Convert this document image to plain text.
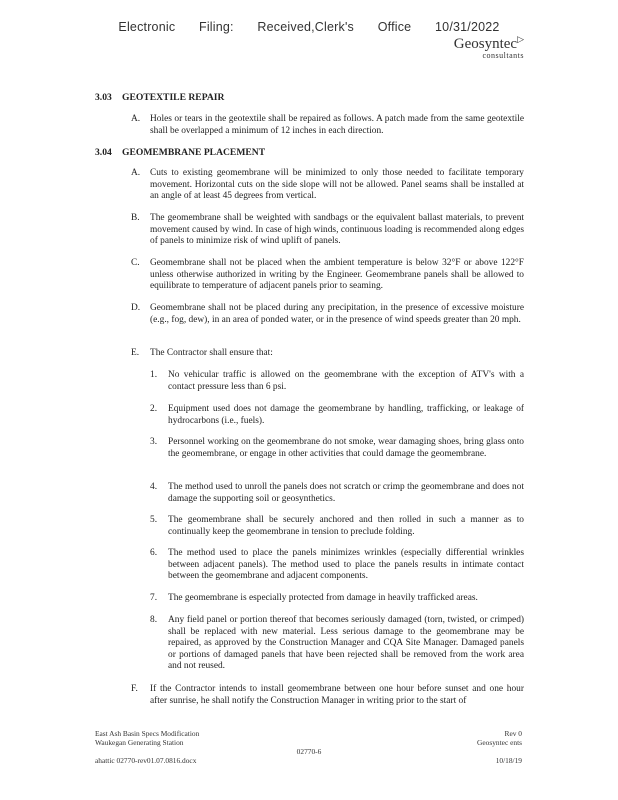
Electronic Filing: Received,Clerk's Office 10/31/2022
Geosyntec▷
consultants
3.03 GEOTEXTILE REPAIR
A. Holes or tears in the geotextile shall be repaired as follows. A patch made from the same geotextile shall be overlapped a minimum of 12 inches in each direction.
3.04 GEOMEMBRANE PLACEMENT
A. Cuts to existing geomembrane will be minimized to only those needed to facilitate temporary movement. Horizontal cuts on the side slope will not be allowed. Panel seams shall be installed at an angle of at least 45 degrees from vertical.
B. The geomembrane shall be weighted with sandbags or the equivalent ballast materials, to prevent movement caused by wind. In case of high winds, continuous loading is recommended along edges of panels to minimize risk of wind uplift of panels.
C. Geomembrane shall not be placed when the ambient temperature is below 32°F or above 122°F unless otherwise authorized in writing by the Engineer. Geomembrane panels shall be allowed to equilibrate to temperature of adjacent panels prior to seaming.
D. Geomembrane shall not be placed during any precipitation, in the presence of excessive moisture (e.g., fog, dew), in an area of ponded water, or in the presence of wind speeds greater than 20 mph.
E. The Contractor shall ensure that:
1. No vehicular traffic is allowed on the geomembrane with the exception of ATV's with a contact pressure less than 6 psi.
2. Equipment used does not damage the geomembrane by handling, trafficking, or leakage of hydrocarbons (i.e., fuels).
3. Personnel working on the geomembrane do not smoke, wear damaging shoes, bring glass onto the geomembrane, or engage in other activities that could damage the geomembrane.
4. The method used to unroll the panels does not scratch or crimp the geomembrane and does not damage the supporting soil or geosynthetics.
5. The geomembrane shall be securely anchored and then rolled in such a manner as to continually keep the geomembrane in tension to preclude folding.
6. The method used to place the panels minimizes wrinkles (especially differential wrinkles between adjacent panels). The method used to place the panels results in intimate contact between the geomembrane and adjacent components.
7. The geomembrane is especially protected from damage in heavily trafficked areas.
8. Any field panel or portion thereof that becomes seriously damaged (torn, twisted, or crimped) shall be replaced with new material. Less serious damage to the geomembrane may be repaired, as approved by the Construction Manager and CQA Site Manager. Damaged panels or portions of damaged panels that have been rejected shall be removed from the work area and not reused.
F. If the Contractor intends to install geomembrane between one hour before sunset and one hour after sunrise, he shall notify the Construction Manager in writing prior to the start of
East Ash Basin Specs Modification
Waukegan Generating Station
ahattic 02770-rev01.07.0816.docx
02770-6
Rev 0
Geosyntec ents
10/18/19
